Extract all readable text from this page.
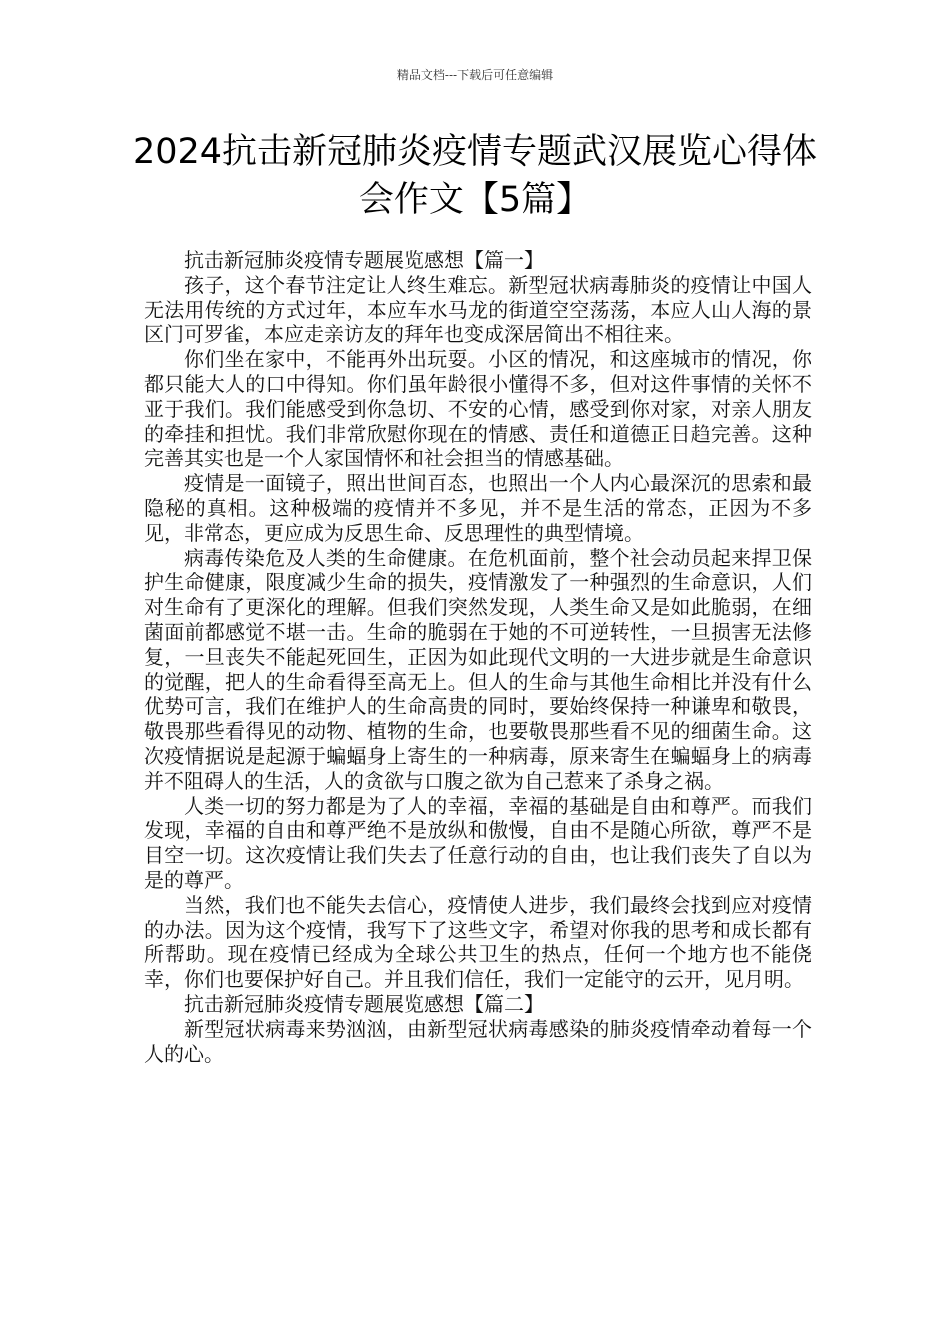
精品文档---下载后可任意编辑
2024抗击新冠肺炎疫情专题武汉展览心得体会作文【5篇】

抗击新冠肺炎疫情专题展览感想【篇一】

孩子，这个春节注定让人终生难忘。新型冠状病毒肺炎的疫情让中国人无法用传统的方式过年，本应车水马龙的街道空空荡荡，本应人山人海的景区门可罗雀，本应走亲访友的拜年也变成深居简出不相往来。

你们坐在家中，不能再外出玩耍。小区的情况，和这座城市的情况，你都只能大人的口中得知。你们虽年龄很小懂得不多，但对这件事情的关怀不亚于我们。我们能感受到你急切、不安的心情，感受到你对家，对亲人朋友的牵挂和担忧。我们非常欣慰你现在的情感、责任和道德正日趋完善。这种完善其实也是一个人家国情怀和社会担当的情感基础。

疫情是一面镜子，照出世间百态，也照出一个人内心最深沉的思索和最隐秘的真相。这种极端的疫情并不多见，并不是生活的常态，正因为不多见，非常态，更应成为反思生命、反思理性的典型情境。

病毒传染危及人类的生命健康。在危机面前，整个社会动员起来捍卫保护生命健康，限度减少生命的损失，疫情激发了一种强烈的生命意识，人们对生命有了更深化的理解。但我们突然发现，人类生命又是如此脆弱，在细菌面前都感觉不堪一击。生命的脆弱在于她的不可逆转性，一旦损害无法修复，一旦丧失不能起死回生，正因为如此现代文明的一大进步就是生命意识的觉醒，把人的生命看得至高无上。但人的生命与其他生命相比并没有什么优势可言，我们在维护人的生命高贵的同时，要始终保持一种谦卑和敬畏，敬畏那些看得见的动物、植物的生命，也要敬畏那些看不见的细菌生命。这次疫情据说是起源于蝙蝠身上寄生的一种病毒，原来寄生在蝙蝠身上的病毒并不阻碍人的生活，人的贪欲与口腹之欲为自己惹来了杀身之祸。

人类一切的努力都是为了人的幸福，幸福的基础是自由和尊严。而我们发现，幸福的自由和尊严绝不是放纵和傲慢，自由不是随心所欲，尊严不是目空一切。这次疫情让我们失去了任意行动的自由，也让我们丧失了自以为是的尊严。

当然，我们也不能失去信心，疫情使人进步，我们最终会找到应对疫情的办法。因为这个疫情，我写下了这些文字，希望对你我的思考和成长都有所帮助。现在疫情已经成为全球公共卫生的热点，任何一个地方也不能侥幸，你们也要保护好自己。并且我们信任，我们一定能守的云开，见月明。

抗击新冠肺炎疫情专题展览感想【篇二】

新型冠状病毒来势汹汹，由新型冠状病毒感染的肺炎疫情牵动着每一个人的心。
